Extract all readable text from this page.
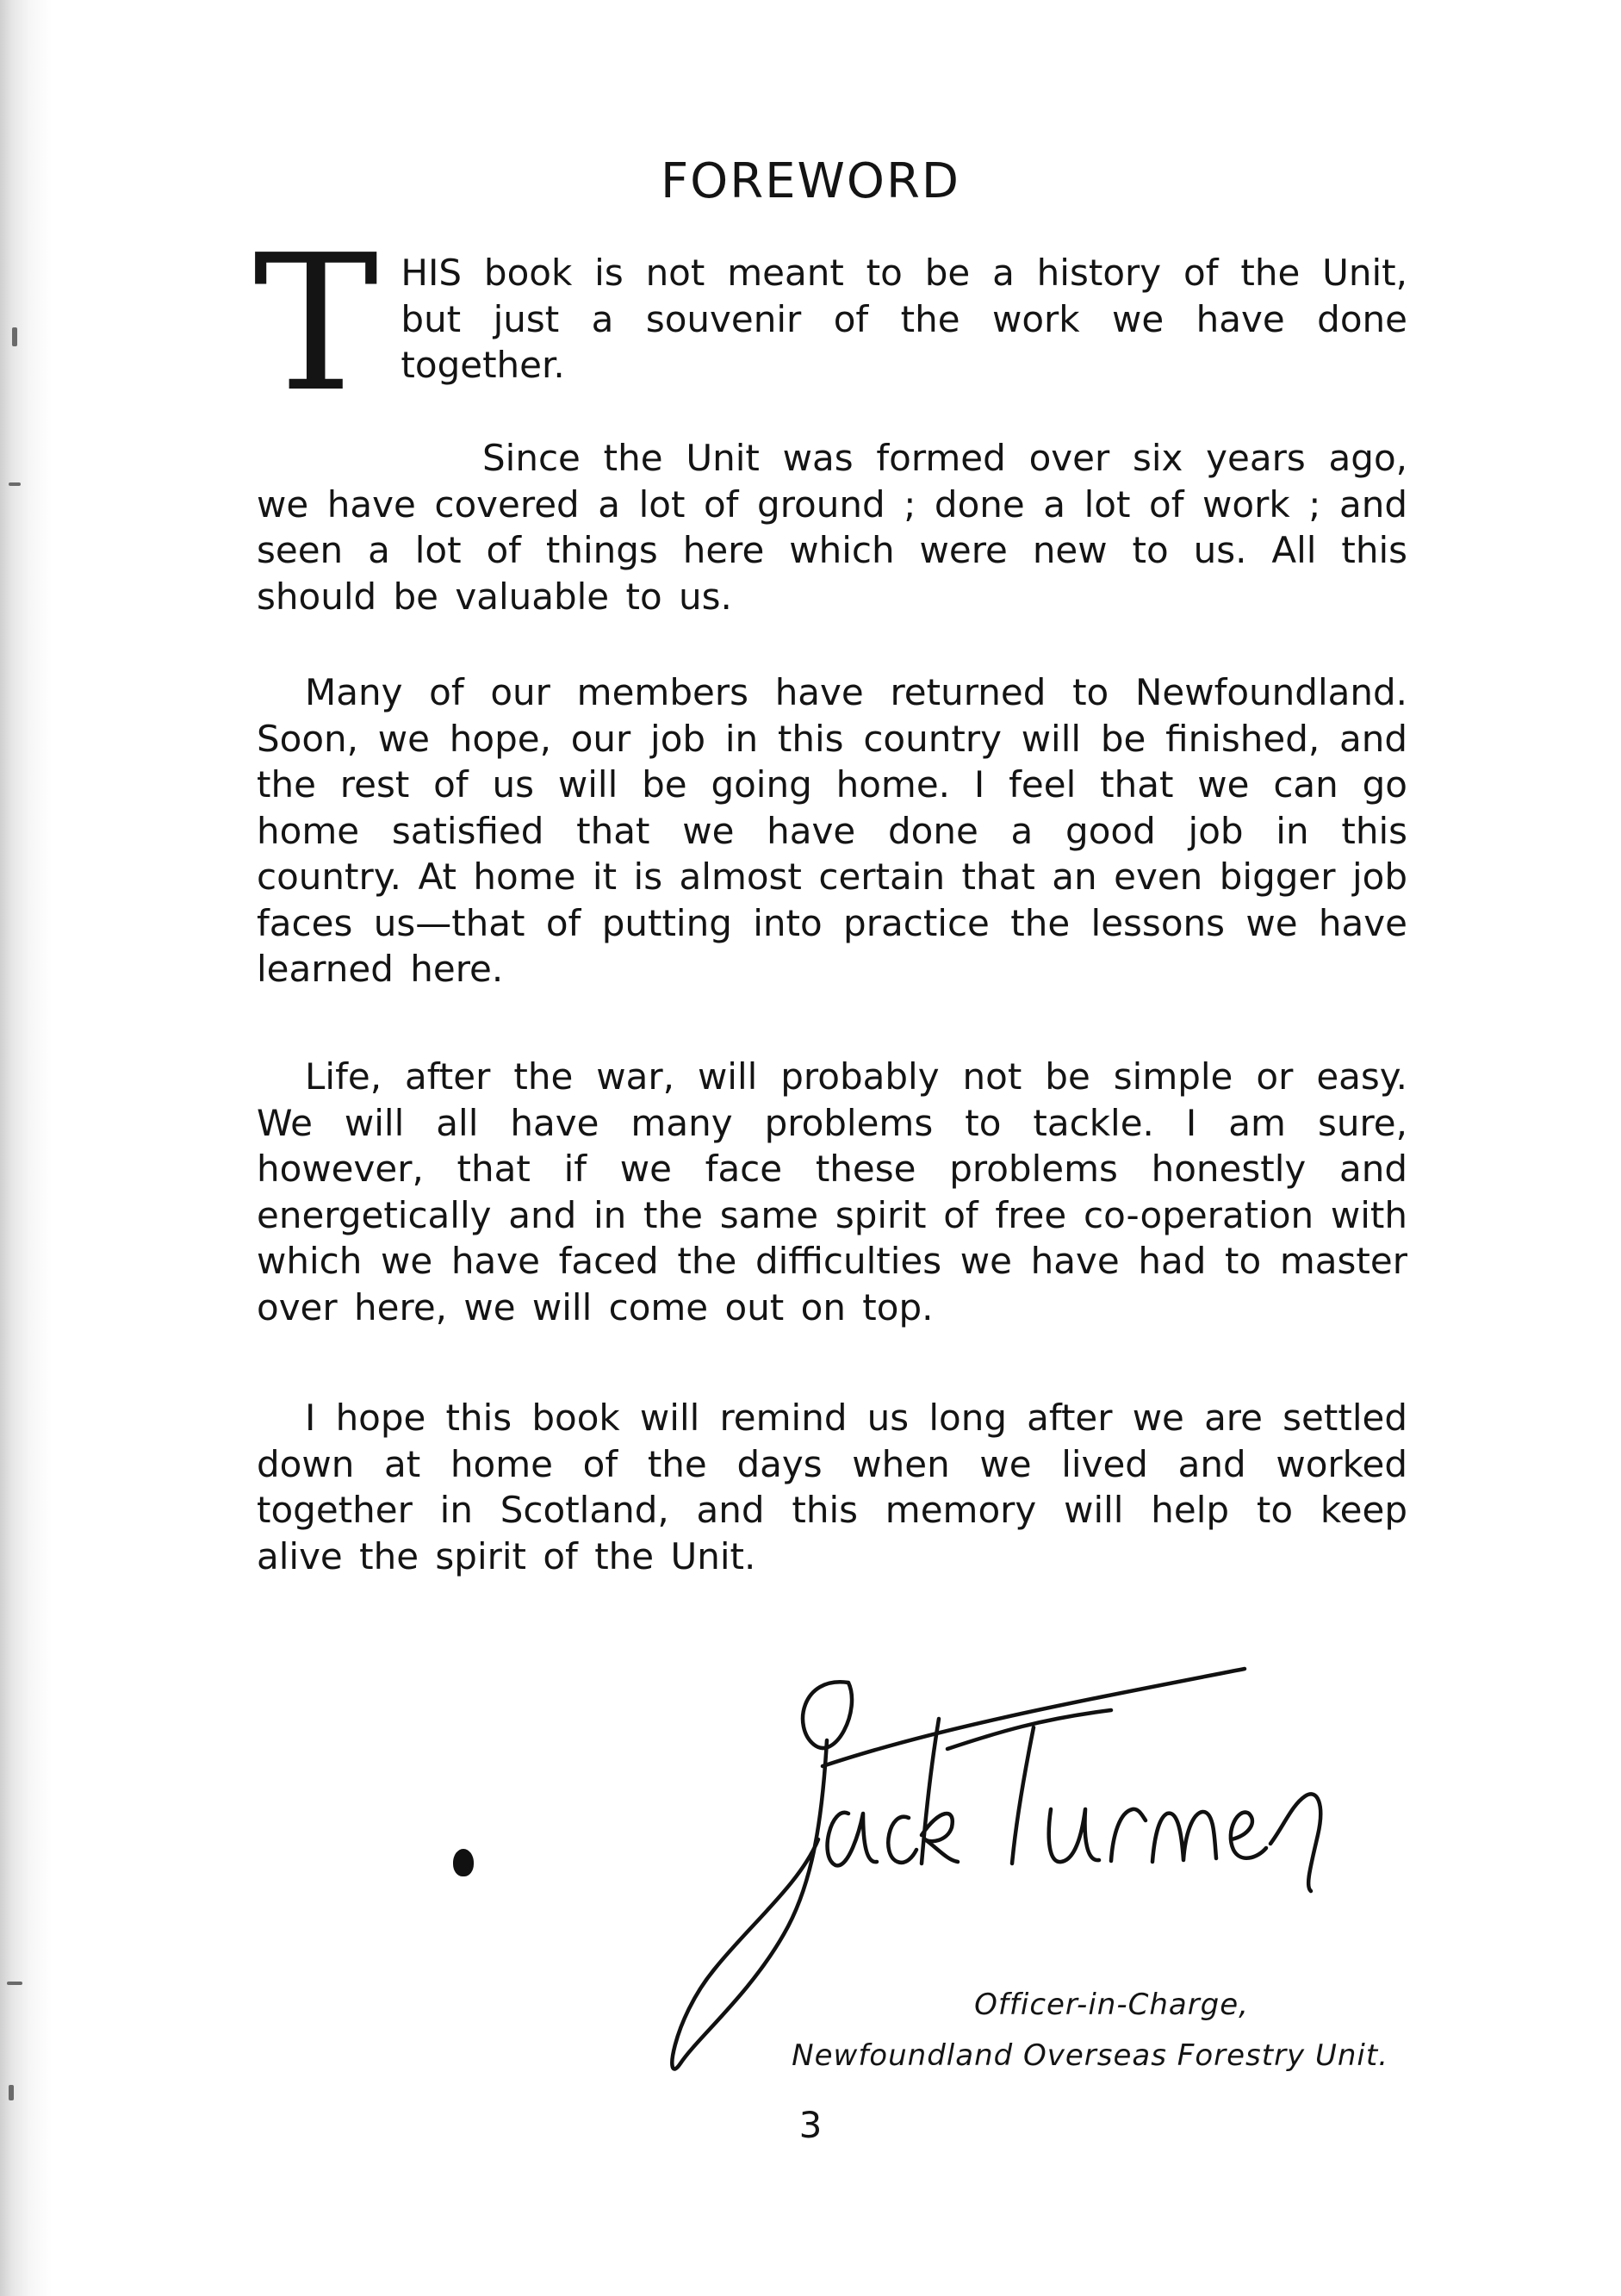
FOREWORD
T HIS book is not meant to be a history of the Unit, but just a souvenir of the work we have done together.
Since the Unit was formed over six years ago, we have covered a lot of ground ; done a lot of work ; and seen a lot of things here which were new to us. All this should be valuable to us.
Many of our members have returned to Newfoundland. Soon, we hope, our job in this country will be finished, and the rest of us will be going home. I feel that we can go home satisfied that we have done a good job in this country. At home it is almost certain that an even bigger job faces us—that of putting into practice the lessons we have learned here.
Life, after the war, will probably not be simple or easy. We will all have many problems to tackle. I am sure, however, that if we face these problems honestly and energetically and in the same spirit of free co-operation with which we have faced the difficulties we have had to master over here, we will come out on top.
I hope this book will remind us long after we are settled down at home of the days when we lived and worked together in Scotland, and this memory will help to keep alive the spirit of the Unit.
Officer-in-Charge,
Newfoundland Overseas Forestry Unit.
3
